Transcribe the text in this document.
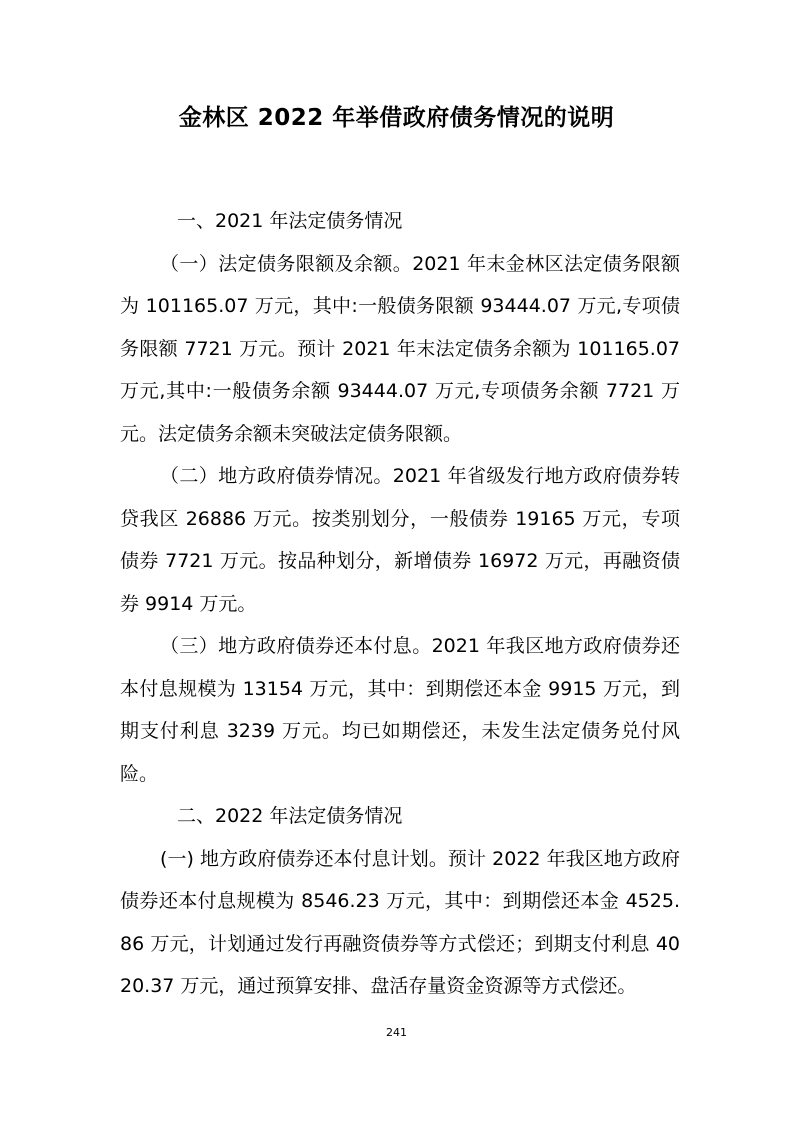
金林区 2022 年举借政府债务情况的说明

一、2021 年法定债务情况

（一）法定债务限额及余额。2021 年末金林区法定债务限额为 101165.07 万元，其中:一般债务限额 93444.07 万元,专项债务限额 7721 万元。预计 2021 年末法定债务余额为 101165.07 万元,其中:一般债务余额 93444.07 万元,专项债务余额 7721 万元。法定债务余额未突破法定债务限额。

（二）地方政府债券情况。2021 年省级发行地方政府债券转贷我区 26886 万元。按类别划分，一般债券 19165 万元，专项债券 7721 万元。按品种划分，新增债券 16972 万元，再融资债券 9914 万元。

（三）地方政府债券还本付息。2021 年我区地方政府债券还本付息规模为 13154 万元，其中：到期偿还本金 9915 万元，到期支付利息 3239 万元。均已如期偿还，未发生法定债务兑付风险。

二、2022 年法定债务情况

(一) 地方政府债券还本付息计划。预计 2022 年我区地方政府债券还本付息规模为 8546.23 万元，其中：到期偿还本金 4525.86 万元，计划通过发行再融资债券等方式偿还；到期支付利息 4020.37 万元，通过预算安排、盘活存量资金资源等方式偿还。

241
